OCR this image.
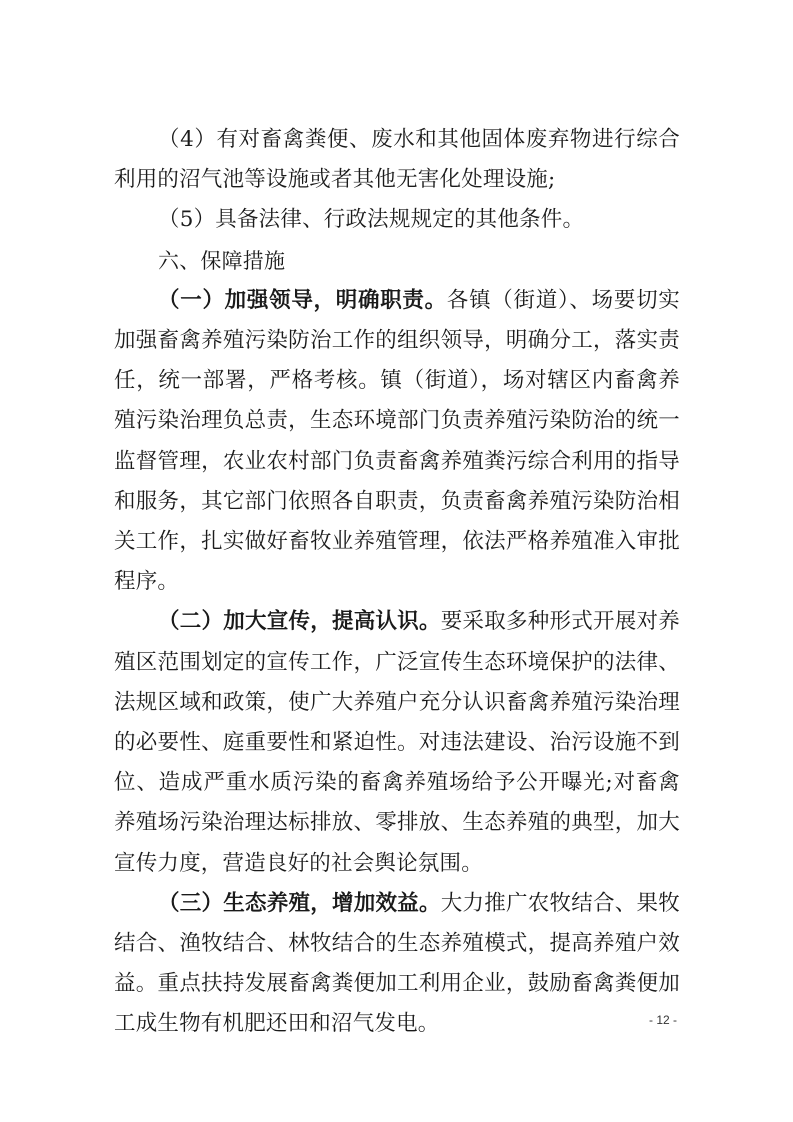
（4）有对畜禽粪便、废水和其他固体废弃物进行综合利用的沼气池等设施或者其他无害化处理设施;

（5）具备法律、行政法规规定的其他条件。

六、保障措施

（一）加强领导，明确职责。各镇（街道）、场要切实加强畜禽养殖污染防治工作的组织领导，明确分工，落实责任，统一部署，严格考核。镇（街道），场对辖区内畜禽养殖污染治理负总责，生态环境部门负责养殖污染防治的统一监督管理，农业农村部门负责畜禽养殖粪污综合利用的指导和服务，其它部门依照各自职责，负责畜禽养殖污染防治相关工作，扎实做好畜牧业养殖管理，依法严格养殖准入审批程序。

（二）加大宣传，提高认识。要采取多种形式开展对养殖区范围划定的宣传工作，广泛宣传生态环境保护的法律、法规区域和政策，使广大养殖户充分认识畜禽养殖污染治理的必要性、庭重要性和紧迫性。对违法建设、治污设施不到位、造成严重水质污染的畜禽养殖场给予公开曝光;对畜禽养殖场污染治理达标排放、零排放、生态养殖的典型，加大宣传力度，营造良好的社会舆论氛围。

（三）生态养殖，增加效益。大力推广农牧结合、果牧结合、渔牧结合、林牧结合的生态养殖模式，提高养殖户效益。重点扶持发展畜禽粪便加工利用企业，鼓励畜禽粪便加工成生物有机肥还田和沼气发电。	- 12 -
